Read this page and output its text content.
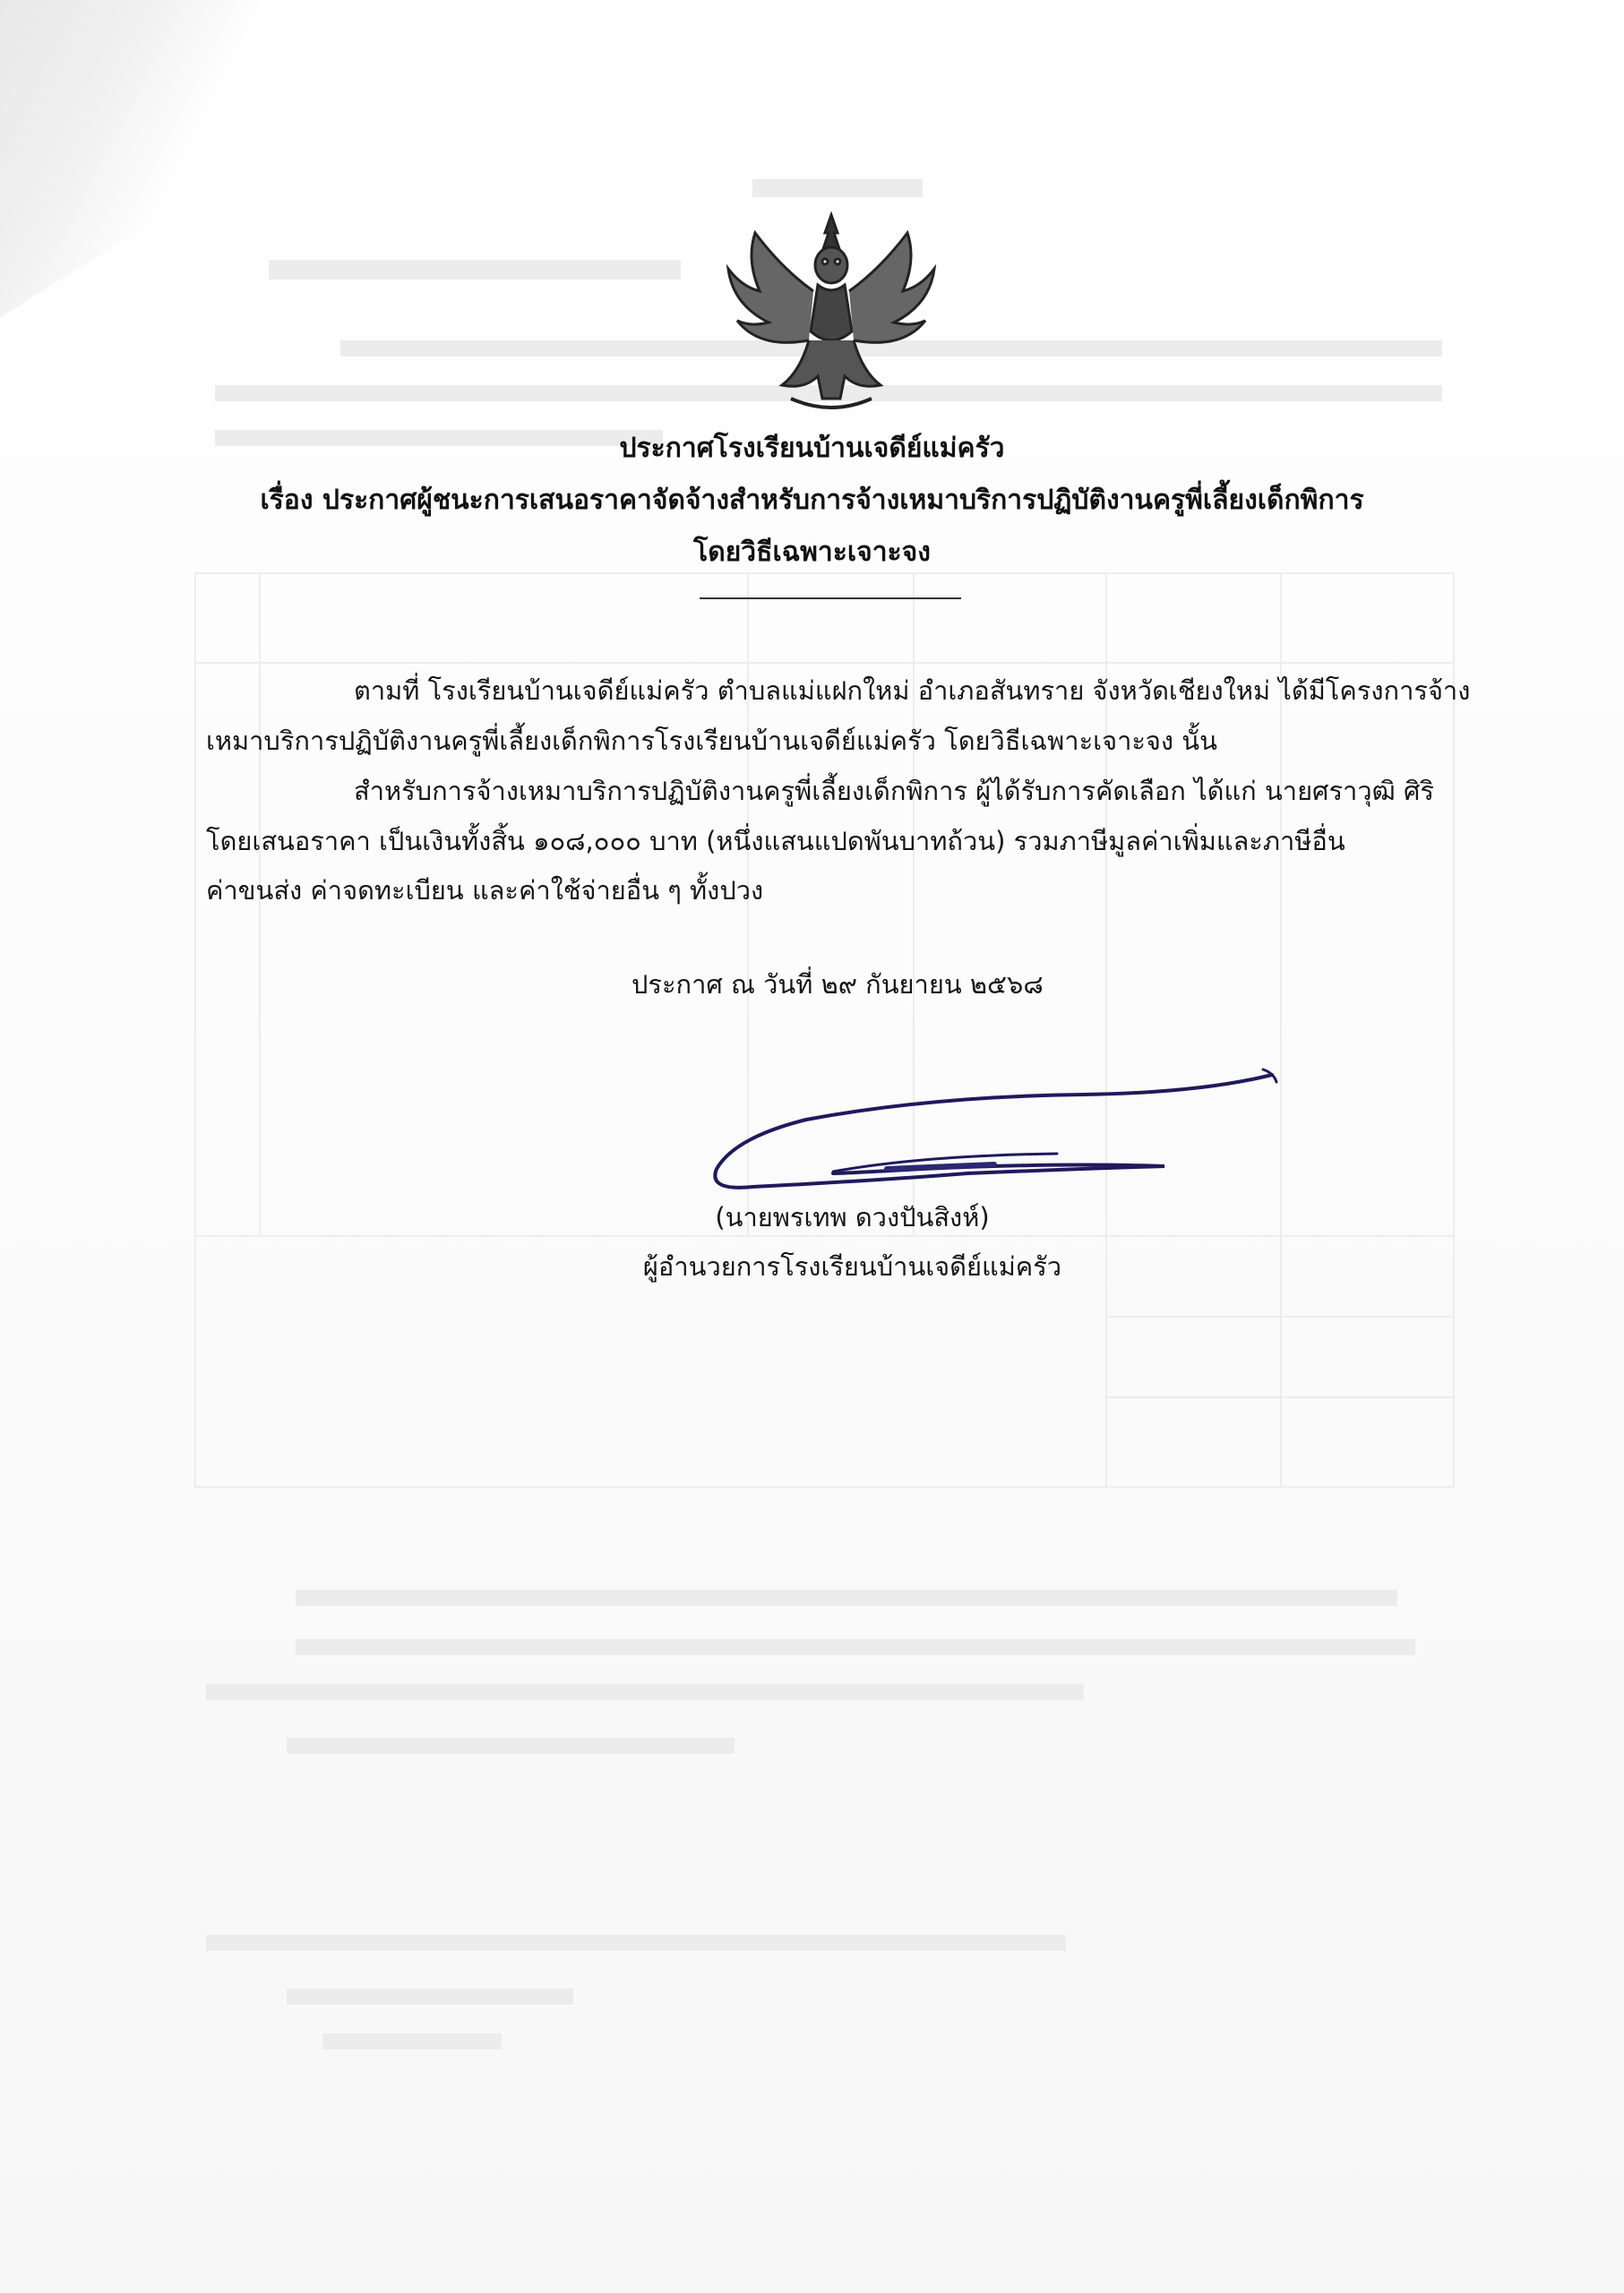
ประกาศโรงเรียนบ้านเจดีย์แม่ครัว
เรื่อง ประกาศผู้ชนะการเสนอราคาจัดจ้างสำหรับการจ้างเหมาบริการปฏิบัติงานครูพี่เลี้ยงเด็กพิการ
โดยวิธีเฉพาะเจาะจง
ตามที่ โรงเรียนบ้านเจดีย์แม่ครัว ตำบลแม่แฝกใหม่ อำเภอสันทราย จังหวัดเชียงใหม่ ได้มีโครงการจ้าง
เหมาบริการปฏิบัติงานครูพี่เลี้ยงเด็กพิการโรงเรียนบ้านเจดีย์แม่ครัว โดยวิธีเฉพาะเจาะจง นั้น
สำหรับการจ้างเหมาบริการปฏิบัติงานครูพี่เลี้ยงเด็กพิการ ผู้ได้รับการคัดเลือก ได้แก่ นายศราวุฒิ ศิริ
โดยเสนอราคา เป็นเงินทั้งสิ้น ๑๐๘,๐๐๐ บาท (หนึ่งแสนแปดพันบาทถ้วน) รวมภาษีมูลค่าเพิ่มและภาษีอื่น
ค่าขนส่ง ค่าจดทะเบียน และค่าใช้จ่ายอื่น ๆ ทั้งปวง
ประกาศ ณ วันที่ ๒๙ กันยายน ๒๕๖๘
(นายพรเทพ ดวงปันสิงห์)
ผู้อำนวยการโรงเรียนบ้านเจดีย์แม่ครัว
